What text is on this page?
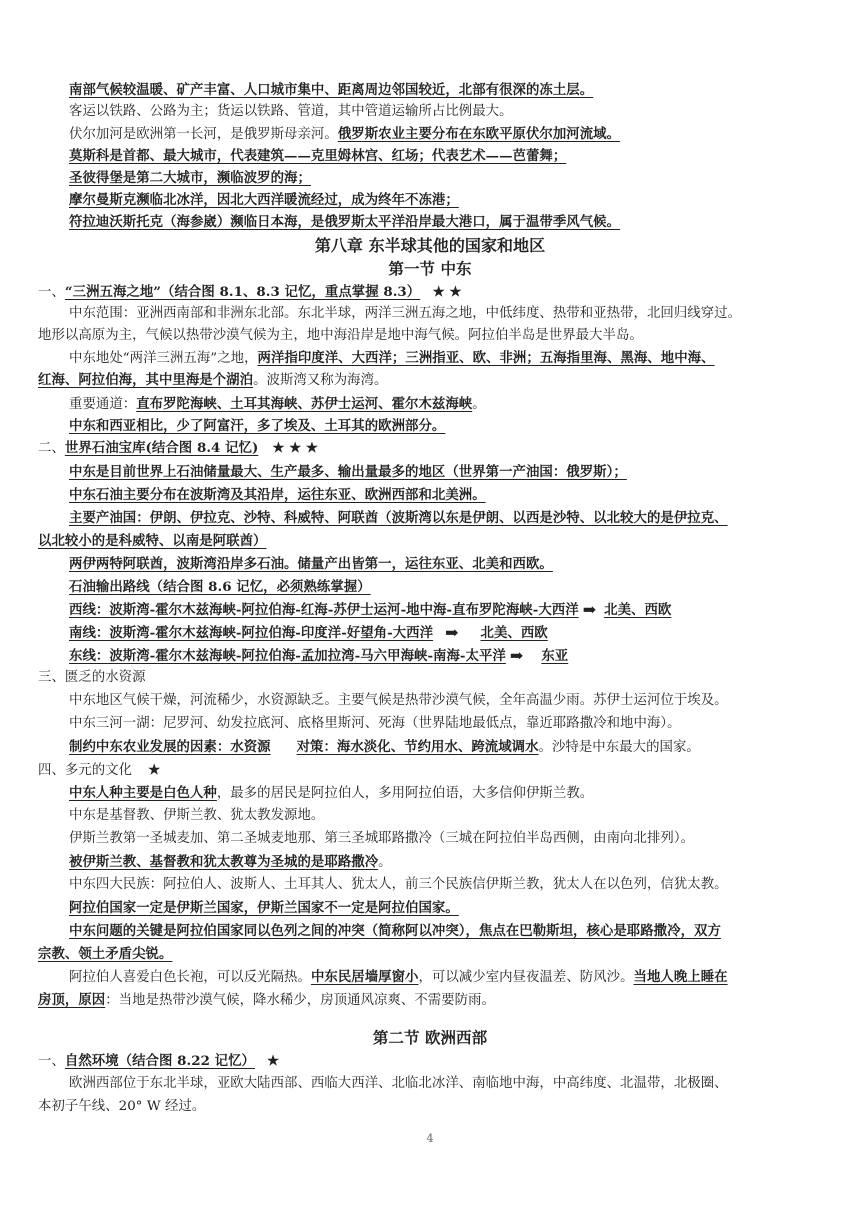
南部气候较温暖、矿产丰富、人口城市集中、距离周边邻国较近，北部有很深的冻土层。
客运以铁路、公路为主；货运以铁路、管道，其中管道运输所占比例最大。
伏尔加河是欧洲第一长河，是俄罗斯母亲河。俄罗斯农业主要分布在东欧平原伏尔加河流域。
莫斯科是首都、最大城市，代表建筑——克里姆林宫、红场；代表艺术——芭蕾舞；
圣彼得堡是第二大城市，濒临波罗的海；
摩尔曼斯克濒临北冰洋，因北大西洋暖流经过，成为终年不冻港；
符拉迪沃斯托克（海参崴）濒临日本海，是俄罗斯太平洋沿岸最大港口，属于温带季风气候。
第八章 东半球其他的国家和地区
第一节 中东
一、“三洲五海之地”（结合图 8.1、8.3 记忆，重点掌握 8.3） ★ ★
中东范围：亚洲西南部和非洲东北部。东北半球，两洋三洲五海之地，中低纬度、热带和亚热带，北回归线穿过。
地形以高原为主，气候以热带沙漠气候为主，地中海沿岸是地中海气候。阿拉伯半岛是世界最大半岛。
中东地处“两洋三洲五海”之地，两洋指印度洋、大西洋；三洲指亚、欧、非洲；五海指里海、黑海、地中海、
红海、阿拉伯海，其中里海是个湖泊。波斯湾又称为海湾。
重要通道：直布罗陀海峡、土耳其海峡、苏伊士运河、霍尔木兹海峡。
中东和西亚相比，少了阿富汗，多了埃及、土耳其的欧洲部分。
二、世界石油宝库(结合图 8.4 记忆) ★ ★ ★
中东是目前世界上石油储量最大、生产最多、输出量最多的地区（世界第一产油国：俄罗斯）；
中东石油主要分布在波斯湾及其沿岸，运往东亚、欧洲西部和北美洲。
主要产油国：伊朗、伊拉克、沙特、科威特、阿联酋（波斯湾以东是伊朗、以西是沙特、以北较大的是伊拉克、
以北较小的是科威特、以南是阿联酋）
两伊两特阿联酋，波斯湾沿岸多石油。储量产出皆第一，运往东亚、北美和西欧。
石油输出路线（结合图 8.6 记忆，必须熟练掌握）
西线：波斯湾-霍尔木兹海峡-阿拉伯海-红海-苏伊士运河-地中海-直布罗陀海峡-大西洋 ➡ 北美、西欧
南线：波斯湾-霍尔木兹海峡-阿拉伯海-印度洋-好望角-大西洋 ➡ 北美、西欧
东线：波斯湾-霍尔木兹海峡-阿拉伯海-孟加拉湾-马六甲海峡-南海-太平洋 ➡ 东亚
三、匮乏的水资源
中东地区气候干燥，河流稀少，水资源缺乏。主要气候是热带沙漠气候，全年高温少雨。苏伊士运河位于埃及。
中东三河一湖：尼罗河、幼发拉底河、底格里斯河、死海（世界陆地最低点，靠近耶路撒冷和地中海）。
制约中东农业发展的因素：水资源 对策：海水淡化、节约用水、跨流域调水。沙特是中东最大的国家。
四、多元的文化 ★
中东人种主要是白色人种，最多的居民是阿拉伯人，多用阿拉伯语，大多信仰伊斯兰教。
中东是基督教、伊斯兰教、犹太教发源地。
伊斯兰教第一圣城麦加、第二圣城麦地那、第三圣城耶路撒冷（三城在阿拉伯半岛西侧，由南向北排列）。
被伊斯兰教、基督教和犹太教尊为圣城的是耶路撒冷。
中东四大民族：阿拉伯人、波斯人、土耳其人、犹太人，前三个民族信伊斯兰教，犹太人在以色列，信犹太教。
阿拉伯国家一定是伊斯兰国家，伊斯兰国家不一定是阿拉伯国家。
中东问题的关键是阿拉伯国家同以色列之间的冲突（简称阿以冲突），焦点在巴勒斯坦，核心是耶路撒冷，双方
宗教、领土矛盾尖锐。
阿拉伯人喜爱白色长袍，可以反光隔热。中东民居墙厚窗小，可以减少室内昼夜温差、防风沙。当地人晚上睡在
房顶，原因：当地是热带沙漠气候，降水稀少，房顶通风凉爽、不需要防雨。
第二节 欧洲西部
一、自然环境（结合图 8.22 记忆） ★
欧洲西部位于东北半球，亚欧大陆西部、西临大西洋、北临北冰洋、南临地中海，中高纬度、北温带，北极圈、
本初子午线、20° W 经过。
4
